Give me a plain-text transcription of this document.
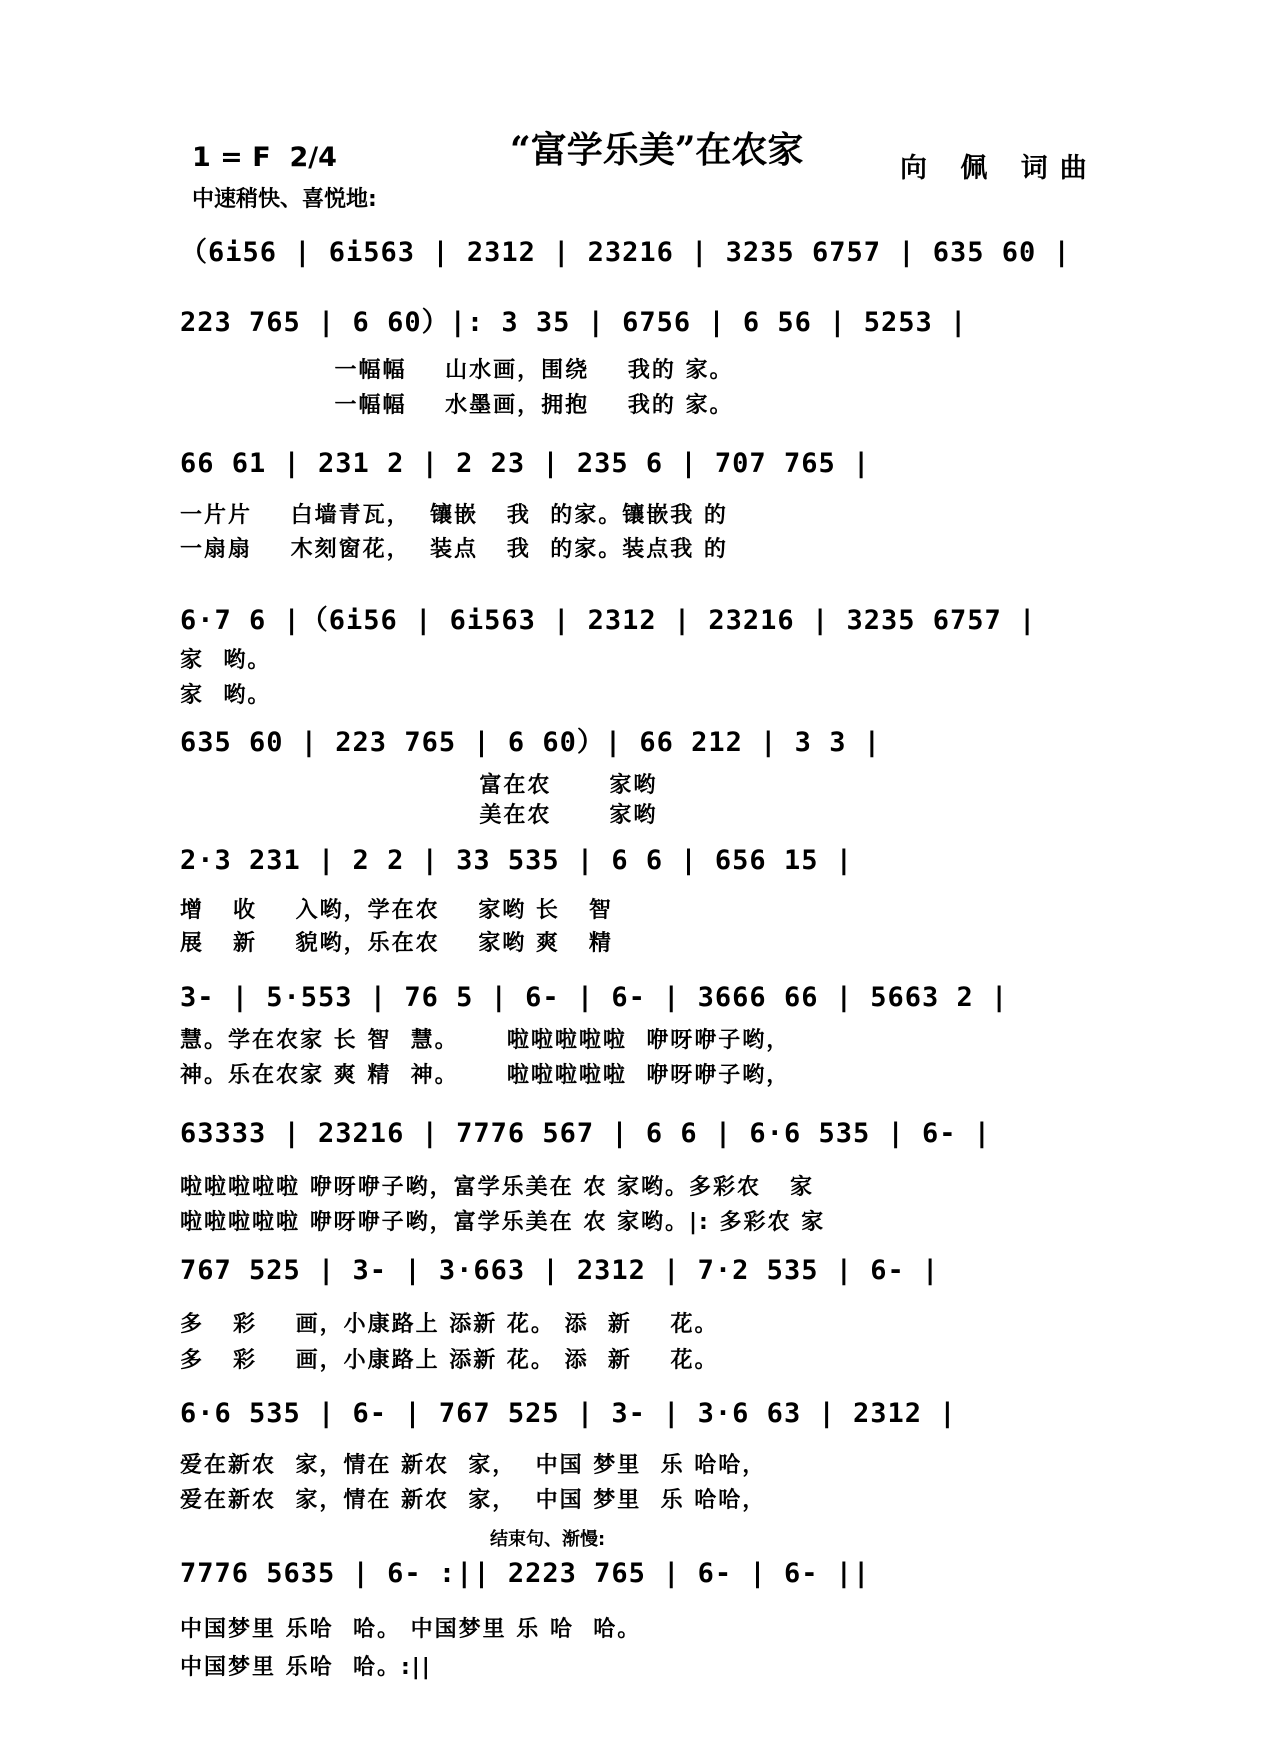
1 = F  2/4	“富学乐美”在农家	向 佩 词曲
中速稍快、喜悦地:
（6i56 | 6i563 | 2312 | 23216 | 3235 6757 | 635 60 |
223 765 | 6 60）|: 3 35 | 6756 | 6 56 | 5253 |
一幅幅    山水画，围绕    我的 家。
一幅幅    水墨画，拥抱    我的 家。
66 61 | 231 2 | 2 23 | 235 6 | 707 765 |
一片片    白墙青瓦，  镶嵌   我  的家。镶嵌我 的
一扇扇    木刻窗花，  装点   我  的家。装点我 的
6·7 6 |（6i56 | 6i563 | 2312 | 23216 | 3235 6757 |
家  哟。
家  哟。
635 60 | 223 765 | 6 60）| 66 212 | 3 3 |
富在农      家哟
美在农      家哟
2·3 231 | 2 2 | 33 535 | 6 6 | 656 15 |
增   收    入哟，学在农    家哟 长   智
展   新    貌哟，乐在农    家哟 爽   精
3- | 5·553 | 76 5 | 6- | 6- | 3666 66 | 5663 2 |
慧。学在农家 长 智  慧。     啦啦啦啦啦  咿呀咿子哟，
神。乐在农家 爽 精  神。     啦啦啦啦啦  咿呀咿子哟，
63333 | 23216 | 7776 567 | 6 6 | 6·6 535 | 6- |
啦啦啦啦啦 咿呀咿子哟，富学乐美在 农 家哟。多彩农   家
啦啦啦啦啦 咿呀咿子哟，富学乐美在 农 家哟。|: 多彩农 家
767 525 | 3- | 3·663 | 2312 | 7·2 535 | 6- |
多   彩    画，小康路上 添新 花。 添  新    花。
多   彩    画，小康路上 添新 花。 添  新    花。
6·6 535 | 6- | 767 525 | 3- | 3·6 63 | 2312 |
爱在新农  家，情在 新农  家，  中国 梦里  乐 哈哈，
爱在新农  家，情在 新农  家，  中国 梦里  乐 哈哈，
结束句、渐慢:
7776 5635 | 6- :|| 2223 765 | 6- | 6- ||
中国梦里 乐哈  哈。 中国梦里 乐 哈  哈。
中国梦里 乐哈  哈。:||
